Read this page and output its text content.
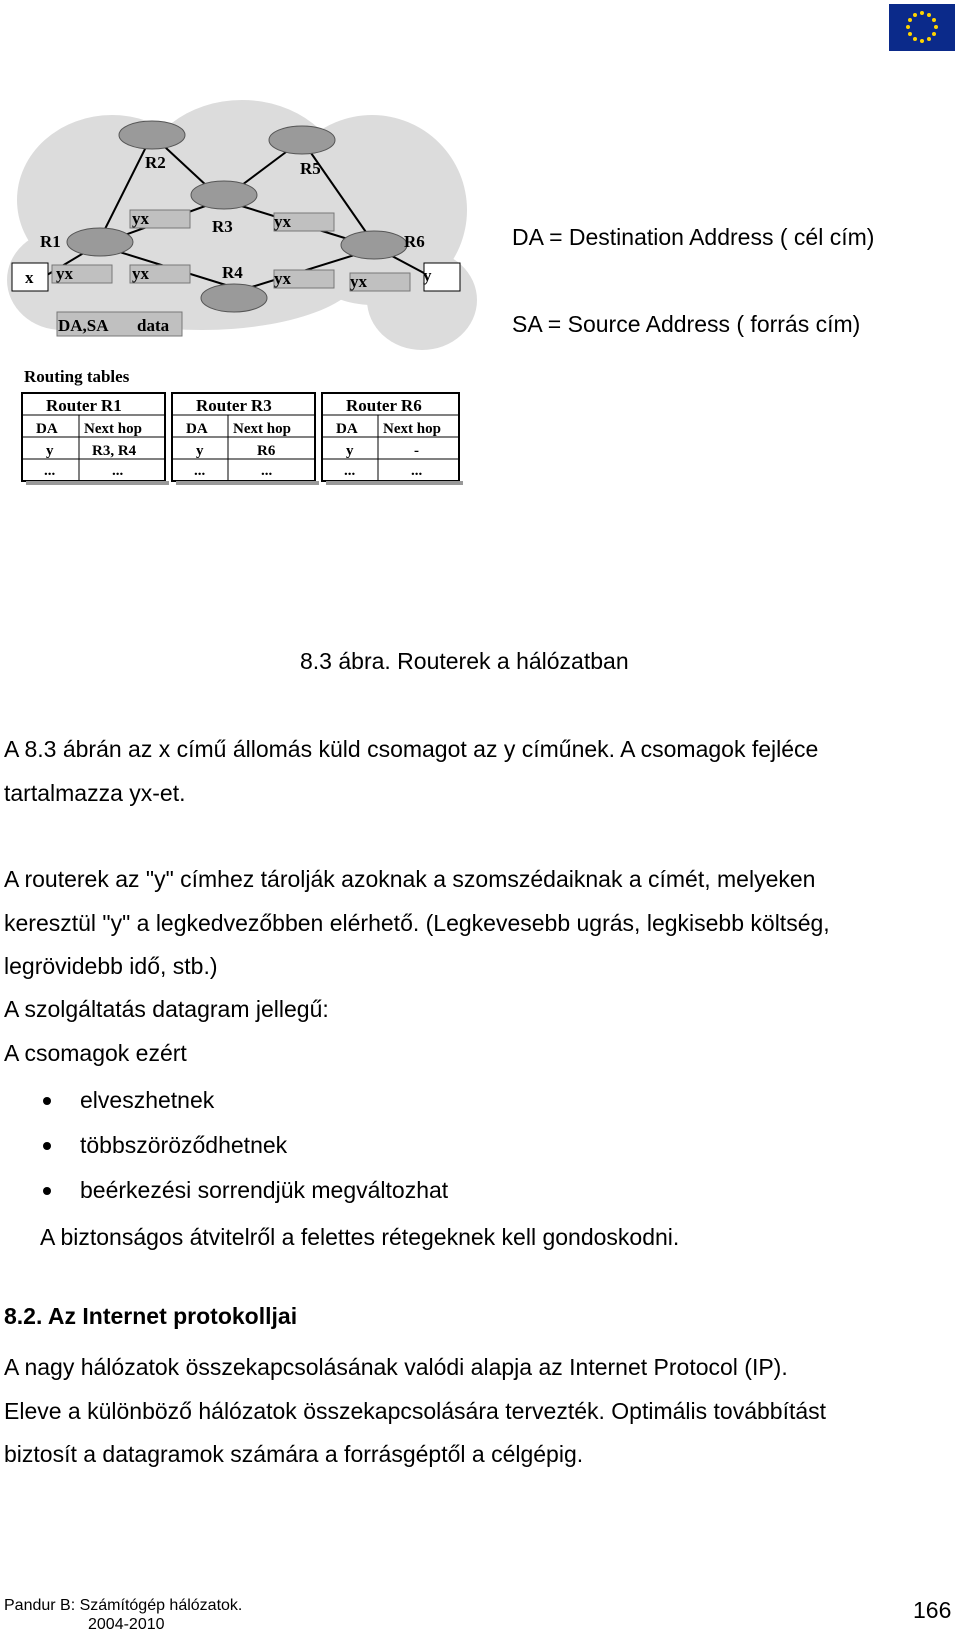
R2	R5
R3
R1	R6
R4
x	y
yx	yx
yx	yx
yx	yx
DA,SA data
Routing tables
Router R1
DA Next hop
y	R3, R4
...	...
Router R3
DA Next hop
y	R6
...	...
Router R6
DA Next hop
y	-
...	...
DA = Destination Address ( cél cím)
SA = Source Address ( forrás cím)
8.3 ábra. Routerek a hálózatban
A 8.3 ábrán az x című állomás küld csomagot az y címűnek. A csomagok fejléce
tartalmazza yx-et.
A routerek az "y" címhez tárolják azoknak a szomszédaiknak a címét, melyeken
keresztül "y" a legkedvezőbben elérhető. (Legkevesebb ugrás, legkisebb költség,
legrövidebb idő, stb.)
A szolgáltatás datagram jellegű:
A csomagok ezért
elveszhetnek
többszöröződhetnek
beérkezési sorrendjük megváltozhat
A biztonságos átvitelről a felettes rétegeknek kell gondoskodni.
8.2. Az Internet protokolljai
A nagy hálózatok összekapcsolásának valódi alapja az Internet Protocol (IP).
Eleve a különböző hálózatok összekapcsolására tervezték. Optimális továbbítást
biztosít a datagramok számára a forrásgéptől a célgépig.
Pandur B: Számítógép hálózatok.
2004-2010
166
